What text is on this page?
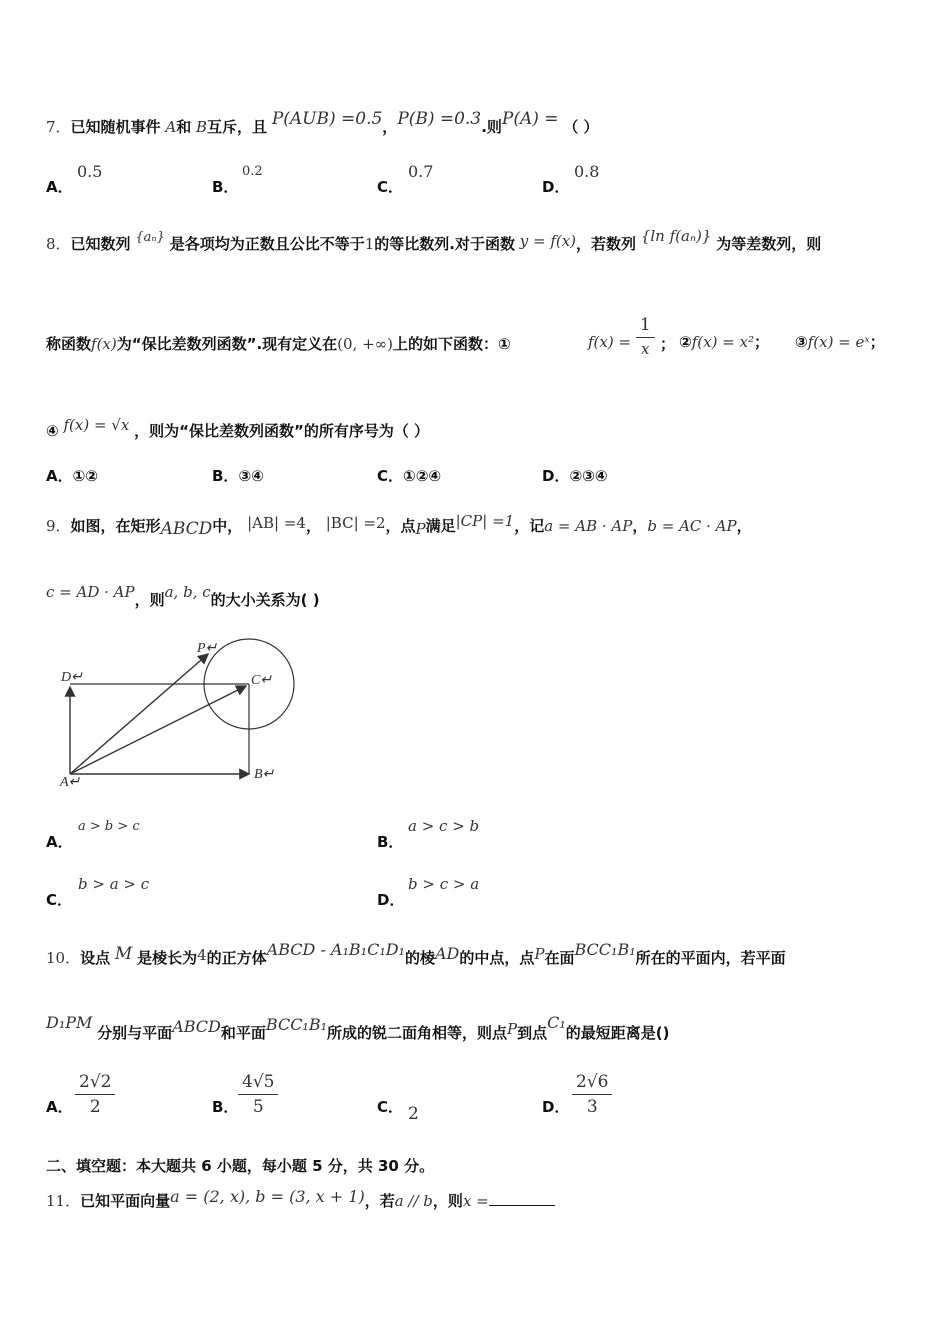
7．已知随机事件 A和 B互斥，且 P(AUB) =0.5，P(B) =0.3.则P(A) = （ ）
A．
0.5
B．
0.2
C．
0.7
D．
0.8
8．已知数列 {aₙ} 是各项均为正数且公比不等于1的等比数列.对于函数 y = f(x)，若数列 {ln f(aₙ)} 为等差数列，则
称函数f(x)为“保比差数列函数”.现有定义在(0, +∞)上的如下函数：①	$f(x) = \frac{1}{x}$ ； ②f(x) = x²； ③f(x) = eˣ；
④ f(x) = √x ，则为“保比差数列函数”的所有序号为（ ）
A．①②	B．③④	C．①②④	D．②③④
9．如图，在矩形ABCD中， |AB| =4， |BC| =2，点P满足|CP| =1，记a = AB · AP，b = AC · AP，
c = AD · AP，则a, b, c的大小关系为( )
D↵	C↵
P↵
A↵
B↵
A．
a > b > c
B．
a > c > b
C．
b > a > c
D．
b > c > a
10．设点 M 是棱长为4的正方体ABCD - A₁B₁C₁D₁的棱AD的中点，点P在面BCC₁B₁所在的平面内，若平面
D₁PM 分别与平面ABCD和平面BCC₁B₁所成的锐二面角相等，则点P到点C₁的最短距离是()
A． $\frac{2√2}{2}$	B． $\frac{4√5}{5}$	C． 2	D． $\frac{2√6}{3}$
二、填空题：本大题共 6 小题，每小题 5 分，共 30 分。
11．已知平面向量a = (2, x), b = (3, x + 1)，若a // b，则x =
